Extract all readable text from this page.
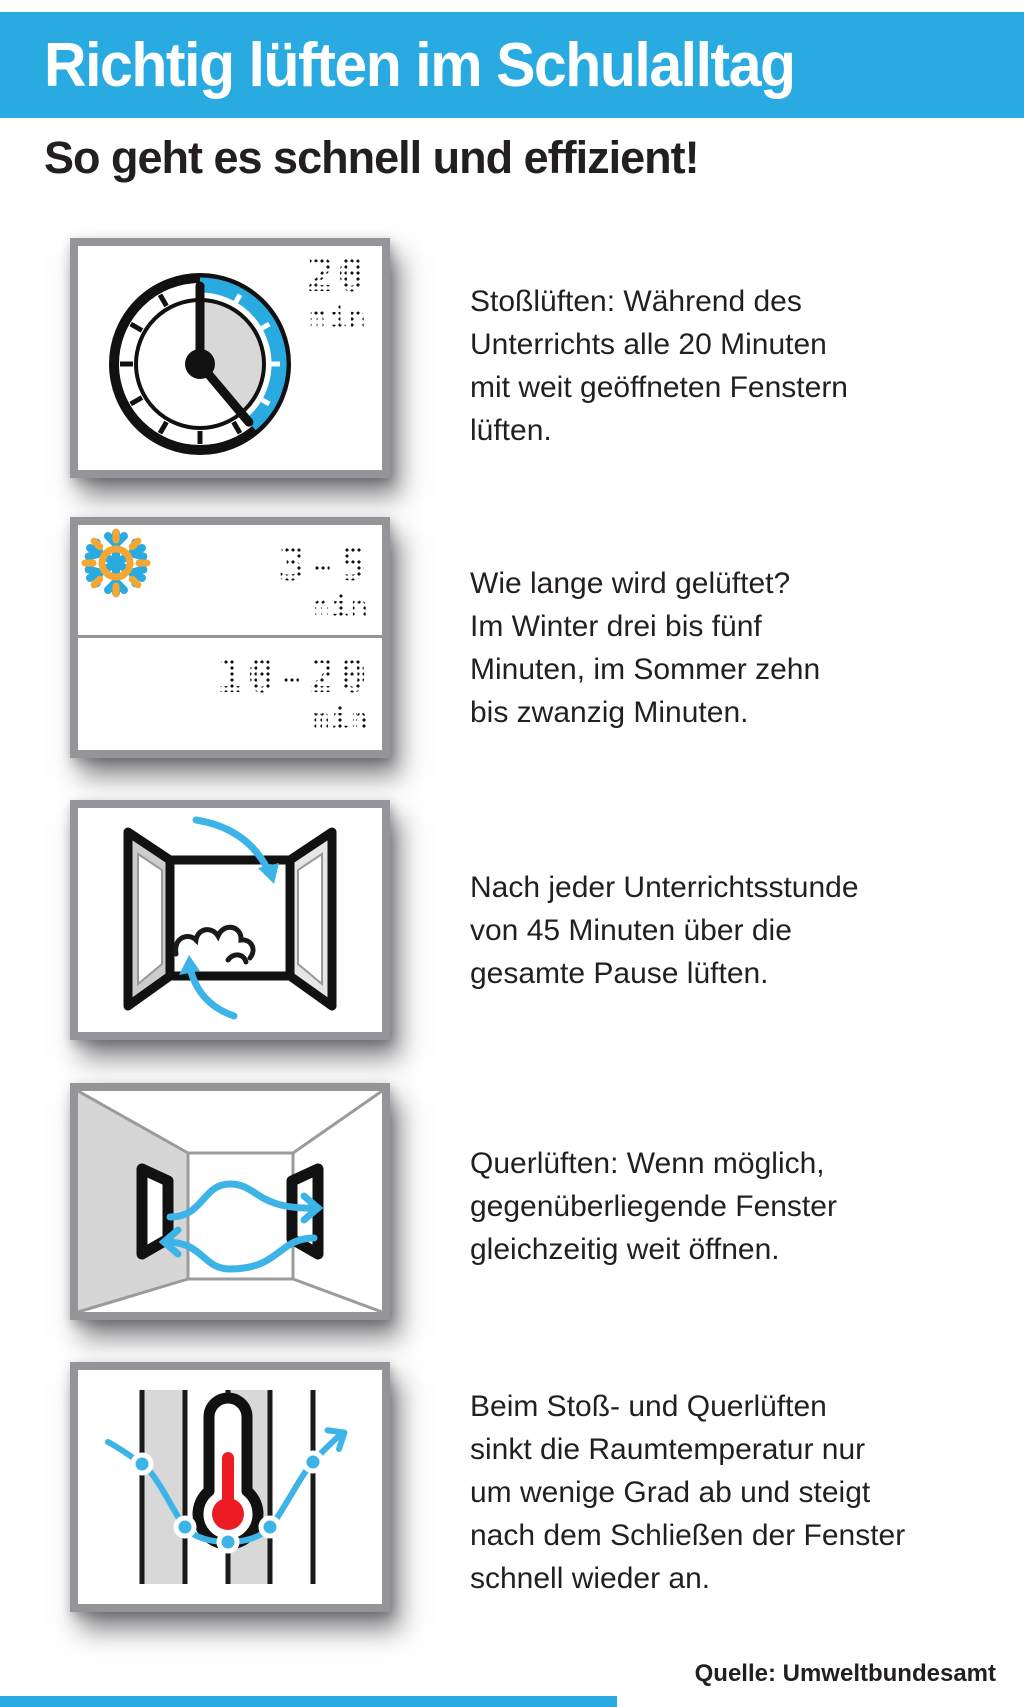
Richtig lüften im Schulalltag
So geht es schnell und effizient!
20
min	Stoßlüften: Während des
Unterrichts alle 20 Minuten
mit weit geöffneten Fenstern
lüften.
3-5
min
10-20
min
Wie lange wird gelüftet?
Im Winter drei bis fünf
Minuten, im Sommer zehn
bis zwanzig Minuten.
Nach jeder Unterrichtsstunde
von 45 Minuten über die
gesamte Pause lüften.
Querlüften: Wenn möglich,
gegenüberliegende Fenster
gleichzeitig weit öffnen.
Beim Stoß- und Querlüften
sinkt die Raumtemperatur nur
um wenige Grad ab und steigt
nach dem Schließen der Fenster
schnell wieder an.
Quelle: Umweltbundesamt
